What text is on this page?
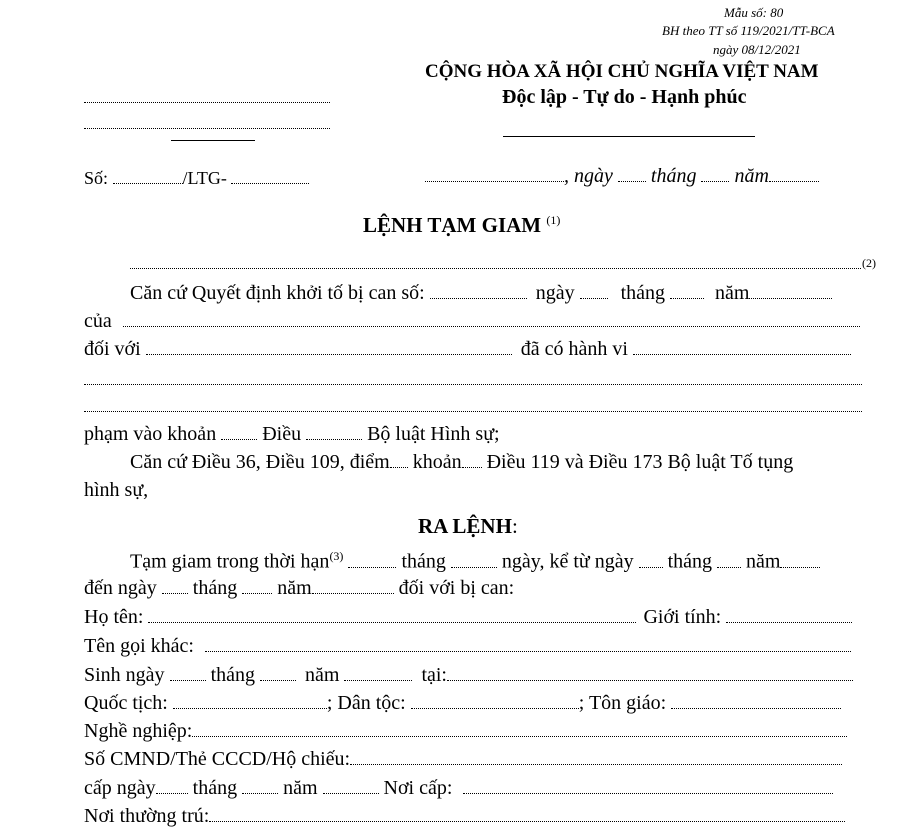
Mẫu số: 80
BH theo TT số 119/2021/TT-BCA
ngày 08/12/2021
CỘNG HÒA XÃ HỘI CHỦ NGHĨA VIỆT NAM
Độc lập - Tự do - Hạnh phúc
Số:	/LTG-	, ngày tháng năm
LỆNH TẠM GIAM $^{(1)}$
(2)
Căn cứ Quyết định khởi tố bị can số:	ngày tháng	năm
của
đối với	đã có hành vi
phạm vào khoản Điều	Bộ luật Hình sự;
Căn cứ Điều 36, Điều 109, điểm khoản Điều 119 và Điều 173 Bộ luật Tố tụng
hình sự,
RA LỆNH:
Tạm giam trong thời hạn$^{(3)}$	tháng	ngày, kể từ ngày tháng năm
đến ngày tháng năm	đối với bị can:
Họ tên:	Giới tính:
Tên gọi khác:
Sinh ngày tháng	năm	tại:
Quốc tịch:	; Dân tộc:	; Tôn giáo:
Nghề nghiệp:
Số CMND/Thẻ CCCD/Hộ chiếu:
cấp ngày tháng năm	Nơi cấp:
Nơi thường trú:
